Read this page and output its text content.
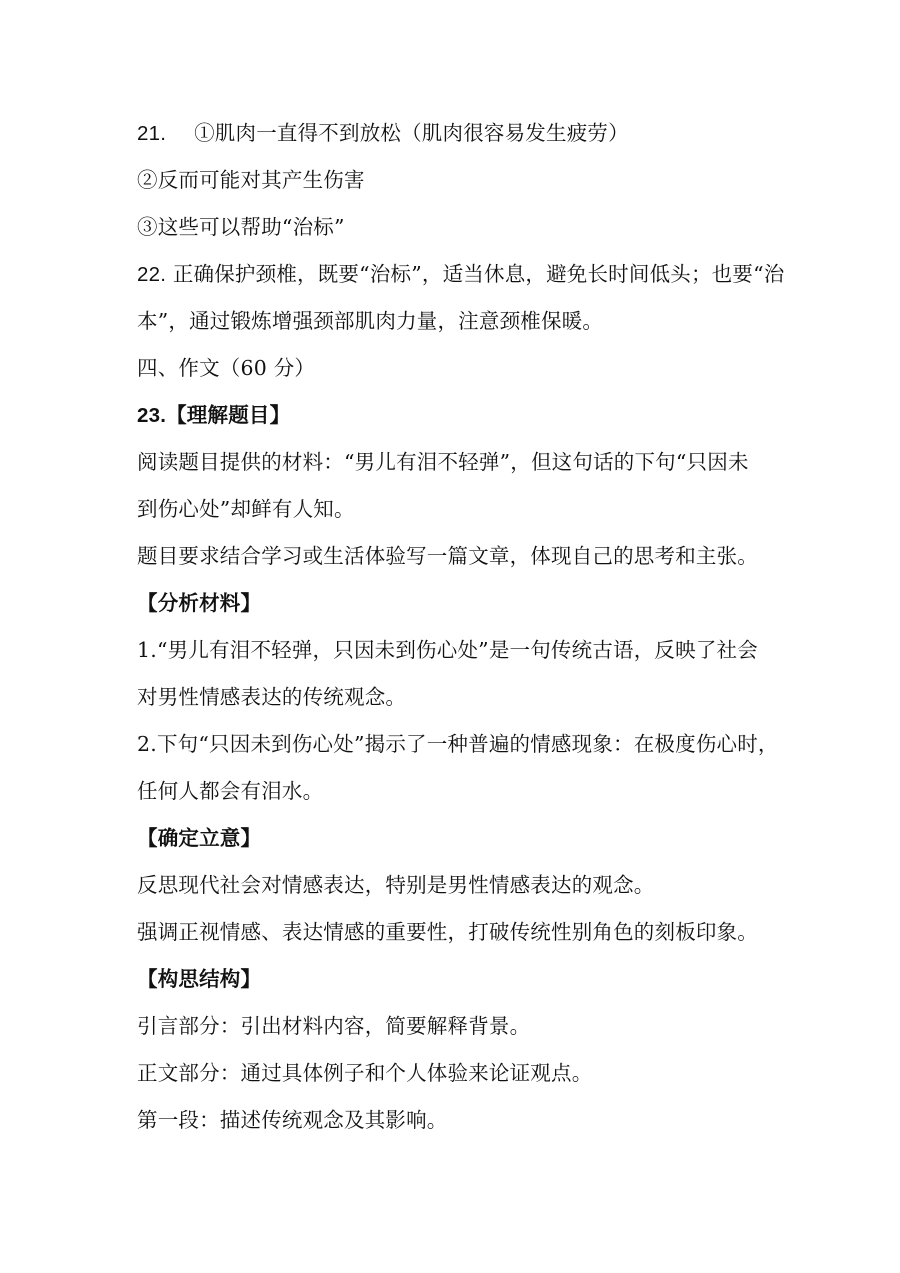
21. ①肌肉一直得不到放松（肌肉很容易发生疲劳）
②反而可能对其产生伤害
③这些可以帮助“治标”
22. 正确保护颈椎，既要“治标”，适当休息，避免长时间低头；也要“治
本”，通过锻炼增强颈部肌肉力量，注意颈椎保暖。
四、作文（60 分）
23.【理解题目】
阅读题目提供的材料：“男儿有泪不轻弹”，但这句话的下句“只因未
到伤心处”却鲜有人知。
题目要求结合学习或生活体验写一篇文章，体现自己的思考和主张。
【分析材料】
1.“男儿有泪不轻弹，只因未到伤心处”是一句传统古语，反映了社会
对男性情感表达的传统观念。
2.下句“只因未到伤心处”揭示了一种普遍的情感现象：在极度伤心时，
任何人都会有泪水。
【确定立意】
反思现代社会对情感表达，特别是男性情感表达的观念。
强调正视情感、表达情感的重要性，打破传统性别角色的刻板印象。
【构思结构】
引言部分：引出材料内容，简要解释背景。
正文部分：通过具体例子和个人体验来论证观点。
第一段：描述传统观念及其影响。
